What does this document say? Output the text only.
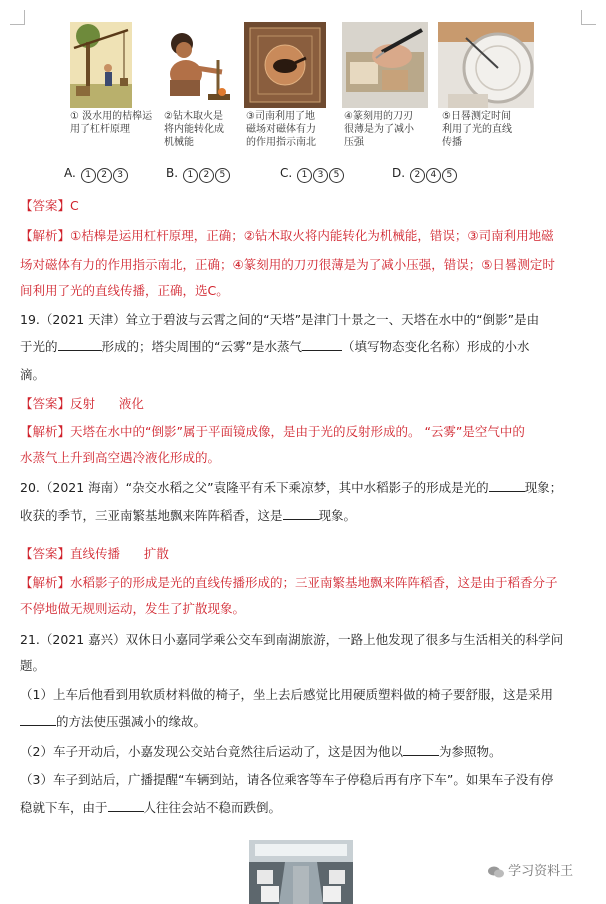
① 汲水用的桔槔运
用了杠杆原理
②钻木取火是
将内能转化成
机械能
③司南利用了地
磁场对磁体有力
的作用指示南北
④篆刻用的刀刃
很薄是为了减小
压强
⑤日晷测定时间
利用了光的直线
传播
A. 1 2 3	B. 1 2 5	C. 1 3 5	D. 2 4 5
【答案】C
【解析】①桔槔是运用杠杆原理，正确；②钻木取火将内能转化为机械能，错误；③司南利用地磁
场对磁体有力的作用指示南北，正确；④篆刻用的刀刃很薄是为了减小压强，错误；⑤日晷测定时
间利用了光的直线传播，正确，选C。
19.（2021 天津）耸立于碧波与云霄之间的“天塔”是津门十景之一、天塔在水中的“倒影”是由
于光的	形成的；塔尖周围的“云雾”是水蒸气	（填写物态变化名称）形成的小水
滴。
【答案】反射      液化
【解析】天塔在水中的“倒影”属于平面镜成像，是由于光的反射形成的。 “云雾”是空气中的
水蒸气上升到高空遇冷液化形成的。
20.（2021 海南）“杂交水稻之父”袁隆平有禾下乘凉梦，其中水稻影子的形成是光的	现象；
收获的季节，三亚南繁基地飘来阵阵稻香，这是	现象。
【答案】直线传播      扩散
【解析】水稻影子的形成是光的直线传播形成的；三亚南繁基地飘来阵阵稻香，这是由于稻香分子
不停地做无规则运动，发生了扩散现象。
21.（2021 嘉兴）双休日小嘉同学乘公交车到南湖旅游，一路上他发现了很多与生活相关的科学问
题。
（1）上车后他看到用软质材料做的椅子，坐上去后感觉比用硬质塑料做的椅子要舒服，这是采用
的方法使压强减小的缘故。
（2）车子开动后，小嘉发现公交站台竟然往后运动了，这是因为他以	为参照物。
（3）车子到站后，广播提醒“车辆到站，请各位乘客等车子停稳后再有序下车”。如果车子没有停
稳就下车，由于	人往往会站不稳而跌倒。
学习资料王
